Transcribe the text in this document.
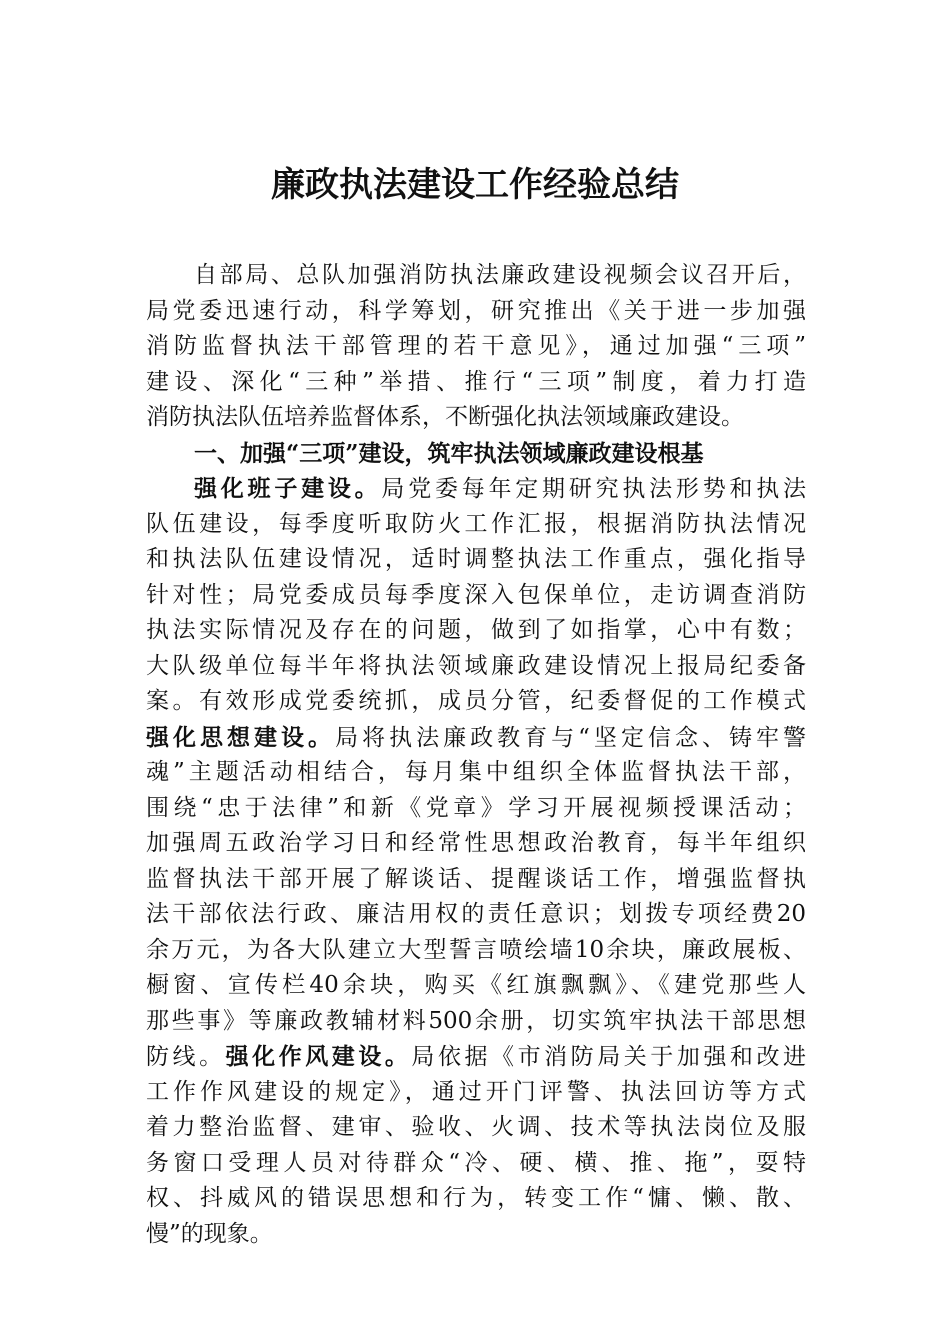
廉政执法建设工作经验总结
自部局、总队加强消防执法廉政建设视频会议召开后，
局党委迅速行动，科学筹划，研究推出《关于进一步加强
消防监督执法干部管理的若干意见》，通过加强“三项”
建设、深化“三种”举措、推行“三项”制度，着力打造
消防执法队伍培养监督体系，不断强化执法领域廉政建设。
一、加强“三项”建设，筑牢执法领域廉政建设根基
强化班子建设。局党委每年定期研究执法形势和执法
队伍建设，每季度听取防火工作汇报，根据消防执法情况
和执法队伍建设情况，适时调整执法工作重点，强化指导
针对性；局党委成员每季度深入包保单位，走访调查消防
执法实际情况及存在的问题，做到了如指掌，心中有数；
大队级单位每半年将执法领域廉政建设情况上报局纪委备
案。有效形成党委统抓，成员分管，纪委督促的工作模式
强化思想建设。局将执法廉政教育与“坚定信念、铸牢警
魂”主题活动相结合，每月集中组织全体监督执法干部，
围绕“忠于法律”和新《党章》学习开展视频授课活动；
加强周五政治学习日和经常性思想政治教育，每半年组织
监督执法干部开展了解谈话、提醒谈话工作，增强监督执
法干部依法行政、廉洁用权的责任意识；划拨专项经费20
余万元，为各大队建立大型誓言喷绘墙10余块，廉政展板、
橱窗、宣传栏40余块，购买《红旗飘飘》、《建党那些人
那些事》等廉政教辅材料500余册，切实筑牢执法干部思想
防线。强化作风建设。局依据《市消防局关于加强和改进
工作作风建设的规定》，通过开门评警、执法回访等方式
着力整治监督、建审、验收、火调、技术等执法岗位及服
务窗口受理人员对待群众“冷、硬、横、推、拖”，耍特
权、抖威风的错误思想和行为，转变工作“慵、懒、散、
慢”的现象。
